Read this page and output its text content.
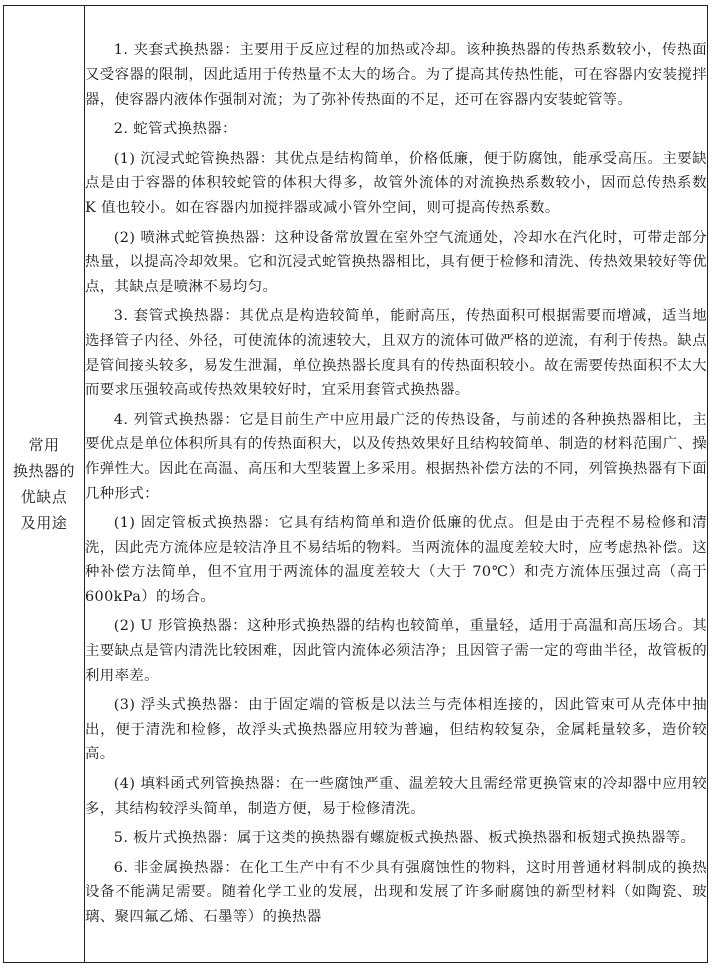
常用
换热器的
优缺点
及用途

1. 夹套式换热器：主要用于反应过程的加热或冷却。该种换热器的传热系数较小，传热面又受容器的限制，因此适用于传热量不太大的场合。为了提高其传热性能，可在容器内安装搅拌器，使容器内液体作强制对流；为了弥补传热面的不足，还可在容器内安装蛇管等。

2. 蛇管式换热器：

(1) 沉浸式蛇管换热器：其优点是结构简单，价格低廉，便于防腐蚀，能承受高压。主要缺点是由于容器的体积较蛇管的体积大得多，故管外流体的对流换热系数较小，因而总传热系数 K 值也较小。如在容器内加搅拌器或减小管外空间，则可提高传热系数。

(2) 喷淋式蛇管换热器：这种设备常放置在室外空气流通处，冷却水在汽化时，可带走部分热量，以提高冷却效果。它和沉浸式蛇管换热器相比，具有便于检修和清洗、传热效果较好等优点，其缺点是喷淋不易均匀。

3. 套管式换热器：其优点是构造较简单，能耐高压，传热面积可根据需要而增减，适当地选择管子内径、外径，可使流体的流速较大，且双方的流体可做严格的逆流，有利于传热。缺点是管间接头较多，易发生泄漏，单位换热器长度具有的传热面积较小。故在需要传热面积不太大而要求压强较高或传热效果较好时，宜采用套管式换热器。

4. 列管式换热器：它是目前生产中应用最广泛的传热设备，与前述的各种换热器相比，主要优点是单位体积所具有的传热面积大，以及传热效果好且结构较简单、制造的材料范围广、操作弹性大。因此在高温、高压和大型装置上多采用。根据热补偿方法的不同，列管换热器有下面几种形式：

(1) 固定管板式换热器：它具有结构简单和造价低廉的优点。但是由于壳程不易检修和清洗，因此壳方流体应是较洁净且不易结垢的物料。当两流体的温度差较大时，应考虑热补偿。这种补偿方法简单，但不宜用于两流体的温度差较大（大于 70℃）和壳方流体压强过高（高于 600kPa）的场合。

(2) U 形管换热器：这种形式换热器的结构也较简单，重量轻，适用于高温和高压场合。其主要缺点是管内清洗比较困难，因此管内流体必须洁净；且因管子需一定的弯曲半径，故管板的利用率差。

(3) 浮头式换热器：由于固定端的管板是以法兰与壳体相连接的，因此管束可从壳体中抽出，便于清洗和检修，故浮头式换热器应用较为普遍，但结构较复杂，金属耗量较多，造价较高。

(4) 填料函式列管换热器：在一些腐蚀严重、温差较大且需经常更换管束的冷却器中应用较多，其结构较浮头简单，制造方便，易于检修清洗。

5. 板片式换热器：属于这类的换热器有螺旋板式换热器、板式换热器和板翅式换热器等。

6. 非金属换热器：在化工生产中有不少具有强腐蚀性的物料，这时用普通材料制成的换热设备不能满足需要。随着化学工业的发展，出现和发展了许多耐腐蚀的新型材料（如陶瓷、玻璃、聚四氟乙烯、石墨等）的换热器
